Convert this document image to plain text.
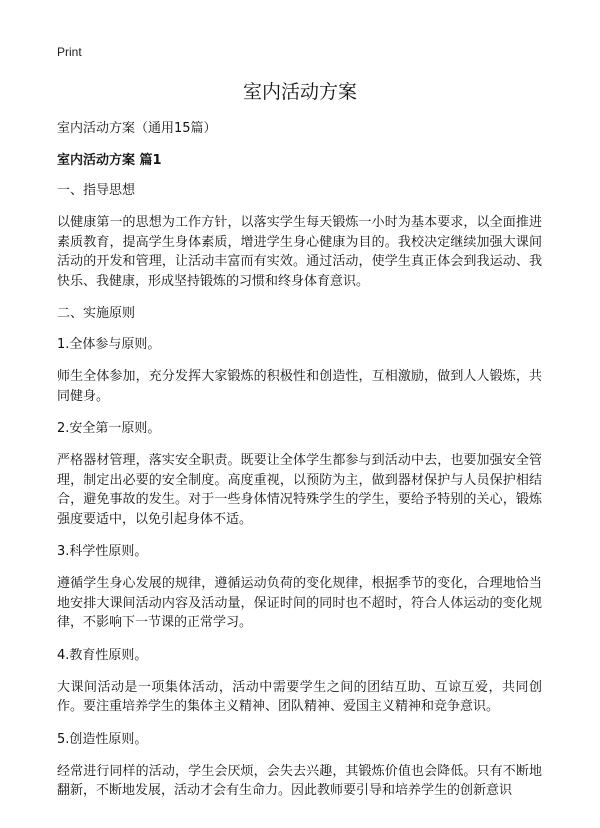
Print
室内活动方案
室内活动方案（通用15篇）
室内活动方案 篇1
一、指导思想
以健康第一的思想为工作方针，以落实学生每天锻炼一小时为基本要求，以全面推进素质教育，提高学生身体素质，增进学生身心健康为目的。我校决定继续加强大课间活动的开发和管理，让活动丰富而有实效。通过活动，使学生真正体会到我运动、我快乐、我健康，形成坚持锻炼的习惯和终身体育意识。
二、实施原则
1.全体参与原则。
师生全体参加，充分发挥大家锻炼的积极性和创造性，互相激励，做到人人锻炼，共同健身。
2.安全第一原则。
严格器材管理，落实安全职责。既要让全体学生都参与到活动中去，也要加强安全管理，制定出必要的安全制度。高度重视，以预防为主，做到器材保护与人员保护相结合，避免事故的发生。对于一些身体情况特殊学生的学生，要给予特别的关心，锻炼强度要适中，以免引起身体不适。
3.科学性原则。
遵循学生身心发展的规律，遵循运动负荷的变化规律，根据季节的变化，合理地恰当地安排大课间活动内容及活动量，保证时间的同时也不超时，符合人体运动的变化规律，不影响下一节课的正常学习。
4.教育性原则。
大课间活动是一项集体活动，活动中需要学生之间的团结互助、互谅互爱，共同创作。要注重培养学生的集体主义精神、团队精神、爱国主义精神和竞争意识。
5.创造性原则。
经常进行同样的活动，学生会厌烦，会失去兴趣，其锻炼价值也会降低。只有不断地翻新，不断地发展，活动才会有生命力。因此教师要引导和培养学生的创新意识
